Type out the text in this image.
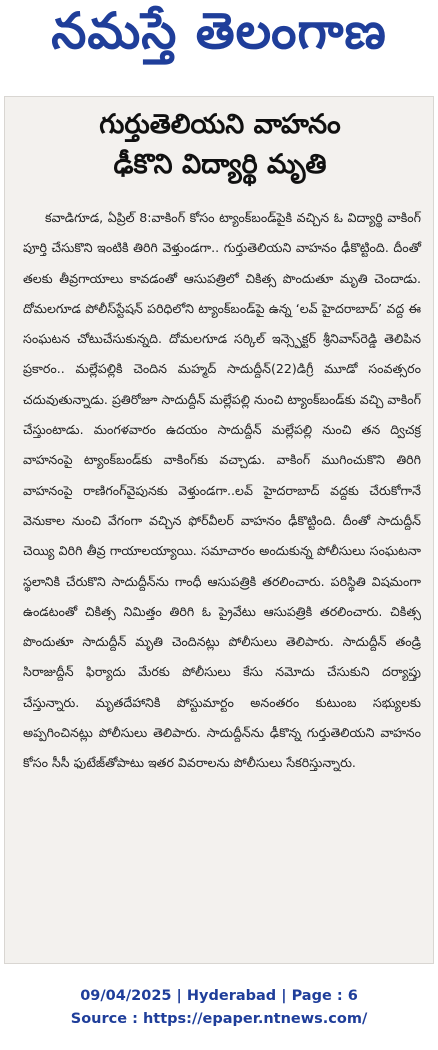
నమస్తే తెలంగాణ
గుర్తుతెలియని వాహనం
ఢీకొని విద్యార్థి మృతి
కవాడిగూడ, ఏప్రిల్ 8:వాకింగ్ కోసం ట్యాంక్‌బండ్‌పైకి వచ్చిన ఓ విద్యార్థి వాకింగ్ పూర్తి చేసుకొని ఇంటికి తిరిగి వెళ్తుండగా.. గుర్తుతెలియని వాహనం ఢీకొట్టింది. దీంతో తలకు తీవ్రగాయాలు కావడంతో ఆసుపత్రిలో చికిత్స పొందుతూ మృతి చెందాడు. దోమలగూడ పోలీస్‌స్టేషన్ పరిధిలోని ట్యాంక్‌బండ్‌పై ఉన్న ‘లవ్ హైదరాబాద్’ వద్ద ఈ సంఘటన చోటుచేసుకున్నది. దోమలగూడ సర్కిల్ ఇన్స్పెక్టర్ శ్రీనివాస్‌రెడ్డి తెలిపిన ప్రకారం.. మల్లేపల్లికి చెందిన మహ్మద్ సాదుద్దీన్(22)డిగ్రీ మూడో సంవత్సరం చదువుతున్నాడు. ప్రతిరోజూ సాదుద్దీన్ మల్లేపల్లి నుంచి ట్యాంక్‌బండ్‌కు వచ్చి వాకింగ్ చేస్తుంటాడు. మంగళవారం ఉదయం సాదుద్దీన్ మల్లేపల్లి నుంచి తన ద్విచక్ర వాహనంపై ట్యాంక్‌బండ్‌కు వాకింగ్‌కు వచ్చాడు. వాకింగ్ ముగించుకొని తిరిగి వాహనంపై రాణిగంగ్‌వైపునకు వెళ్తుండగా..లవ్ హైదరాబాద్ వద్దకు చేరుకోగానే వెనుకాల నుంచి వేగంగా వచ్చిన ఫోర్‌వీలర్ వాహనం ఢీకొట్టింది. దీంతో సాదుద్దీన్ చెయ్యి విరిగి తీవ్ర గాయాలయ్యాయి. సమాచారం అందుకున్న పోలీసులు సంఘటనా స్థలానికి చేరుకొని సాదుద్దీన్‌ను గాంధీ ఆసుపత్రికి తరలించారు. పరిస్థితి విషమంగా ఉండటంతో చికిత్స నిమిత్తం తిరిగి ఓ ప్రైవేటు ఆసుపత్రికి తరలించారు. చికిత్స పొందుతూ సాదుద్దీన్ మృతి చెందినట్లు పోలీసులు తెలిపారు. సాదుద్దీన్ తండ్రి సిరాజుద్దీన్ ఫిర్యాదు మేరకు పోలీసులు కేసు నమోదు చేసుకుని దర్యాప్తు చేస్తున్నారు. మృతదేహానికి పోస్టుమార్టం అనంతరం కుటుంబ సభ్యులకు అప్పగించినట్లు పోలీసులు తెలిపారు. సాదుద్దీన్‌ను ఢీకొన్న గుర్తుతెలియని వాహనం కోసం సీసీ ఫుటేజ్‌తోపాటు ఇతర వివరాలను పోలీసులు సేకరిస్తున్నారు.
09/04/2025 | Hyderabad | Page : 6
Source : https://epaper.ntnews.com/
